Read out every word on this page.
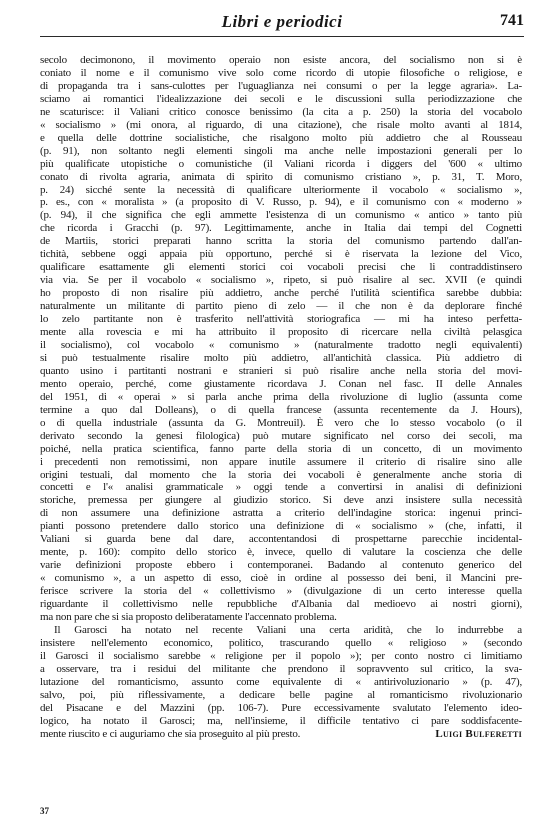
Libri e periodici	741
secolo decimonono, il movimento operaio non esiste ancora, del socialismo non si è
coniato il nome e il comunismo vive solo come ricordo di utopie filosofiche o religiose, e
di propaganda tra i sans-culottes per l'uguaglianza nei consumi o per la legge agraria». La-
sciamo ai romantici l'idealizzazione dei secoli e le discussioni sulla periodizzazione che
ne scaturisce: il Valiani critico conosce benissimo (la cita a p. 250) la storia del vocabolo
« socialismo » (mi onora, al riguardo, di una citazione), che risale molto avanti al 1814,
e quella delle dottrine socialistiche, che risalgono molto più addietro che al Rousseau
(p. 91), non soltanto negli elementi singoli ma anche nelle impostazioni generali per lo
più qualificate utopistiche o comunistiche (il Valiani ricorda i diggers del '600 « ultimo
conato di rivolta agraria, animata di spirito di comunismo cristiano », p. 31, T. Moro,
p. 24) sicché sente la necessità di qualificare ulteriormente il vocabolo « socialismo »,
p. es., con « moralista » (a proposito di V. Russo, p. 94), e il comunismo con « moderno »
(p. 94), il che significa che egli ammette l'esistenza di un comunismo « antico » tanto più
che ricorda i Gracchi (p. 97). Legittimamente, anche in Italia dai tempi del Cognetti
de Martiis, storici preparati hanno scritta la storia del comunismo partendo dall'an-
tichità, sebbene oggi appaia più opportuno, perché si è riservata la lezione del Vico,
qualificare esattamente gli elementi storici coi vocaboli precisi che li contraddistinsero
via via. Se per il vocabolo « socialismo », ripeto, si può risalire al sec. XVII (e quindi
ho proposto di non risalire più addietro, anche perché l'utilità scientifica sarebbe dubbia:
naturalmente un militante di partito pieno di zelo — il che non è da deplorare finché
lo zelo partitante non è trasferito nell'attività storiografica — mi ha inteso perfetta-
mente alla rovescia e mi ha attribuito il proposito di ricercare nella civiltà pelasgica
il socialismo), col vocabolo « comunismo » (naturalmente tradotto negli equivalenti)
si può testualmente risalire molto più addietro, all'antichità classica. Più addietro di
quanto usino i partitanti nostrani e stranieri si può risalire anche nella storia del movi-
mento operaio, perché, come giustamente ricordava J. Conan nel fasc. II delle Annales
del 1951, di « operai » si parla anche prima della rivoluzione di luglio (assunta come
termine a quo dal Dolleans), o di quella francese (assunta recentemente da J. Hours),
o di quella industriale (assunta da G. Montreuil). È vero che lo stesso vocabolo (o il
derivato secondo la genesi filologica) può mutare significato nel corso dei secoli, ma
poiché, nella pratica scientifica, fanno parte della storia di un concetto, di un movimento
i precedenti non remotissimi, non appare inutile assumere il criterio di risalire sino alle
origini testuali, dal momento che la storia dei vocaboli è generalmente anche storia di
concetti e l'« analisi grammaticale » oggi tende a convertirsi in analisi di definizioni
storiche, premessa per giungere al giudizio storico. Si deve anzi insistere sulla necessità
di non assumere una definizione astratta a criterio dell'indagine storica: ingenui princi-
pianti possono pretendere dallo storico una definizione di « socialismo » (che, infatti, il
Valiani si guarda bene dal dare, accontentandosi di prospettarne parecchie incidental-
mente, p. 160): compito dello storico è, invece, quello di valutare la coscienza che delle
varie definizioni proposte ebbero i contemporanei. Badando al contenuto generico del
« comunismo », a un aspetto di esso, cioè in ordine al possesso dei beni, il Mancini pre-
ferisce scrivere la storia del « collettivismo » (divulgazione di un certo interesse quella
riguardante il collettivismo nelle repubbliche d'Albania dal medioevo ai nostri giorni),
ma non pare che si sia proposto deliberatamente l'accennato problema.
Il Garosci ha notato nel recente Valiani una certa aridità, che lo indurrebbe a
insistere nell'elemento economico, politico, trascurando quello « religioso » (secondo
il Garosci il socialismo sarebbe « religione per il popolo »); per conto nostro ci limitiamo
a osservare, tra i residui del militante che prendono il sopravvento sul critico, la sva-
lutazione del romanticismo, assunto come equivalente di « antirivoluzionario » (p. 47),
salvo, poi, più riflessivamente, a dedicare belle pagine al romanticismo rivoluzionario
del Pisacane e del Mazzini (pp. 106-7). Pure eccessivamente svalutato l'elemento ideo-
logico, ha notato il Garosci; ma, nell'insieme, il difficile tentativo ci pare soddisfacente-
mente riuscito e ci auguriamo che sia proseguito al più presto.	Luigi Bulferetti
37
